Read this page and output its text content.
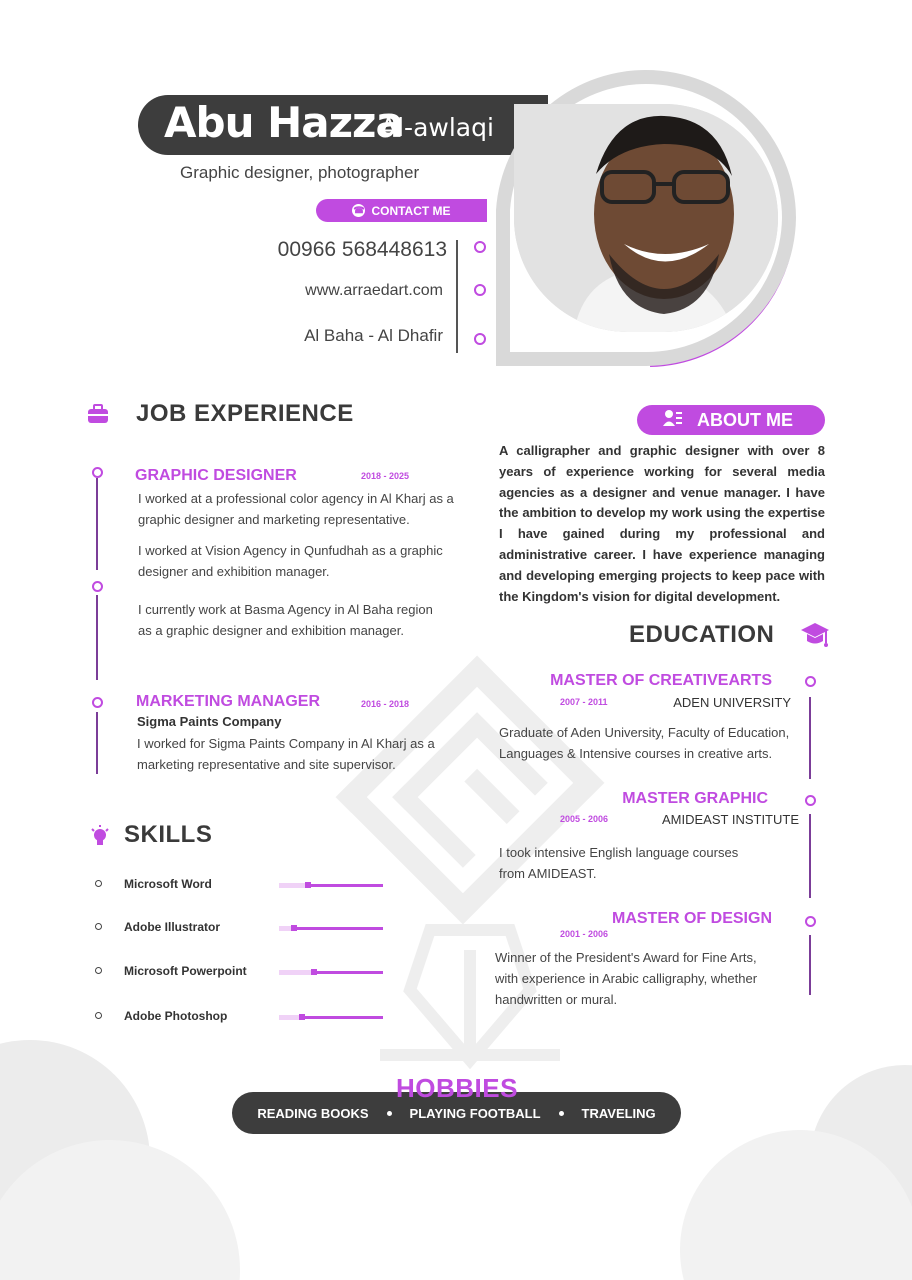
Abu Hazza
Al-awlaqi
Graphic designer, photographer
☎ CONTACT ME
00966 568448613
www.arraedart.com
Al Baha - Al Dhafir
JOB EXPERIENCE
GRAPHIC DESIGNER	2018 - 2025
I worked at a professional color agency in Al Kharj as a graphic designer and marketing representative.
I worked at Vision Agency in Qunfudhah as a graphic designer and exhibition manager.
I currently work at Basma Agency in Al Baha region as a graphic designer and exhibition manager.
MARKETING MANAGER	2016 - 2018
Sigma Paints Company
I worked for Sigma Paints Company in Al Kharj as a marketing representative and site supervisor.
ABOUT ME
A calligrapher and graphic designer with over 8 years of experience working for several media agencies as a designer and venue manager. I have the ambition to develop my work using the expertise I have gained during my professional and administrative career. I have experience managing and developing emerging projects to keep pace with the Kingdom's vision for digital development.
EDUCATION
MASTER OF CREATIVEARTS
2007 - 2011	ADEN UNIVERSITY
Graduate of Aden University, Faculty of Education, Languages & Intensive courses in creative arts.
MASTER GRAPHIC
2005 - 2006	AMIDEAST INSTITUTE
I took intensive English language courses from AMIDEAST.
MASTER OF DESIGN
2001 - 2006
Winner of the President's Award for Fine Arts, with experience in Arabic calligraphy, whether handwritten or mural.
SKILLS
Microsoft Word
Adobe Illustrator
Microsoft Powerpoint
Adobe Photoshop
READING BOOKS	PLAYING FOOTBALL	TRAVELING
HOBBIES
